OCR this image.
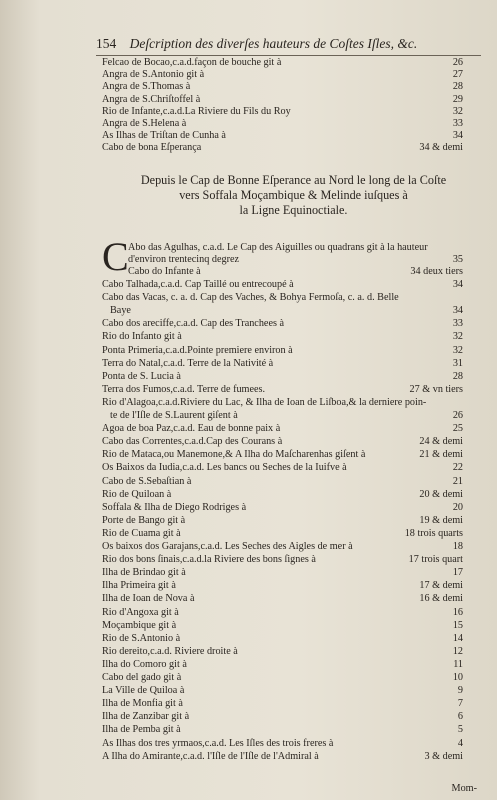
154 Deſcription des diverſes hauteurs de Coſtes Iſles, &c.
Felcao de Bocao,c.a.d.façon de bouche git à	26
Angra de S.Antonio git à	27
Angra de S.Thomas à	28
Angra de S.Chriſtoffel à	29
Rio de Infante,c.a.d.La Riviere du Fils du Roy	32
Angra de S.Helena à	33
As Ilhas de Triſtan de Cunha à	34
Cabo de bona Eſperança	34 & demi
Depuis le Cap de Bonne Eſperance au Nord le long de la Coſte
vers Soffala Moçambique & Melinde iuſques à
la Ligne Equinoctiale.
C Abo das Agulhas, c.a.d. Le Cap des Aiguilles ou quadrans git à la hauteur
d'environ trentecinq degrez	35
Cabo do Infante à	34 deux tiers
Cabo Talhada,c.a.d. Cap Taillé ou entrecoupé à	34
Cabo das Vacas, c. a. d. Cap des Vaches, & Bohya Fermoſa, c. a. d. Belle
Baye	34
Cabo dos areciffe,c.a.d. Cap des Tranchees à	33
Rio do Infanto git à	32
Ponta Primeria,c.a.d.Pointe premiere environ à	32
Terra do Natal,c.a.d. Terre de la Nativité à	31
Ponta de S. Lucia à	28
Terra dos Fumos,c.a.d. Terre de fumees.	27 & vn tiers
Rio d'Alagoa,c.a.d.Riviere du Lac, & Ilha de Ioan de Liſboa,& la derniere poin-
te de l'Iſle de S.Laurent giſent à	26
Agoa de boa Paz,c.a.d. Eau de bonne paix à	25
Cabo das Correntes,c.a.d.Cap des Courans à	24 & demi
Rio de Mataca,ou Manemone,& A Ilha do Maſcharenhas giſent à	21 & demi
Os Baixos da Iudia,c.a.d. Les bancs ou Seches de la Iuifve à	22
Cabo de S.Sebaſtian à	21
Rio de Quiloan à	20 & demi
Soffala & Ilha de Diego Rodriges à	20
Porte de Bango git à	19 & demi
Rio de Cuama git à	18 trois quarts
Os baixos dos Garajans,c.a.d. Les Seches des Aigles de mer à	18
Rio dos bons ſinais,c.a.d.la Riviere des bons ſignes à	17 trois quart
Ilha de Brindao git à	17
Ilha Primeira git à	17 & demi
Ilha de Ioan de Nova à	16 & demi
Rio d'Angoxa git à	16
Moçambique git à	15
Rio de S.Antonio à	14
Rio dereito,c.a.d. Riviere droite à	12
Ilha do Comoro git à	11
Cabo del gado git à	10
La Ville de Quiloa à	9
Ilha de Monfia git à	7
Ilha de Zanzibar git à	6
Ilha de Pemba git à	5
As Ilhas dos tres yrmaos,c.a.d. Les Iſles des trois freres à	4
A Ilha do Amirante,c.a.d. l'Iſle de l'Iſle de l'Admiral à	3 & demi
Mom-
